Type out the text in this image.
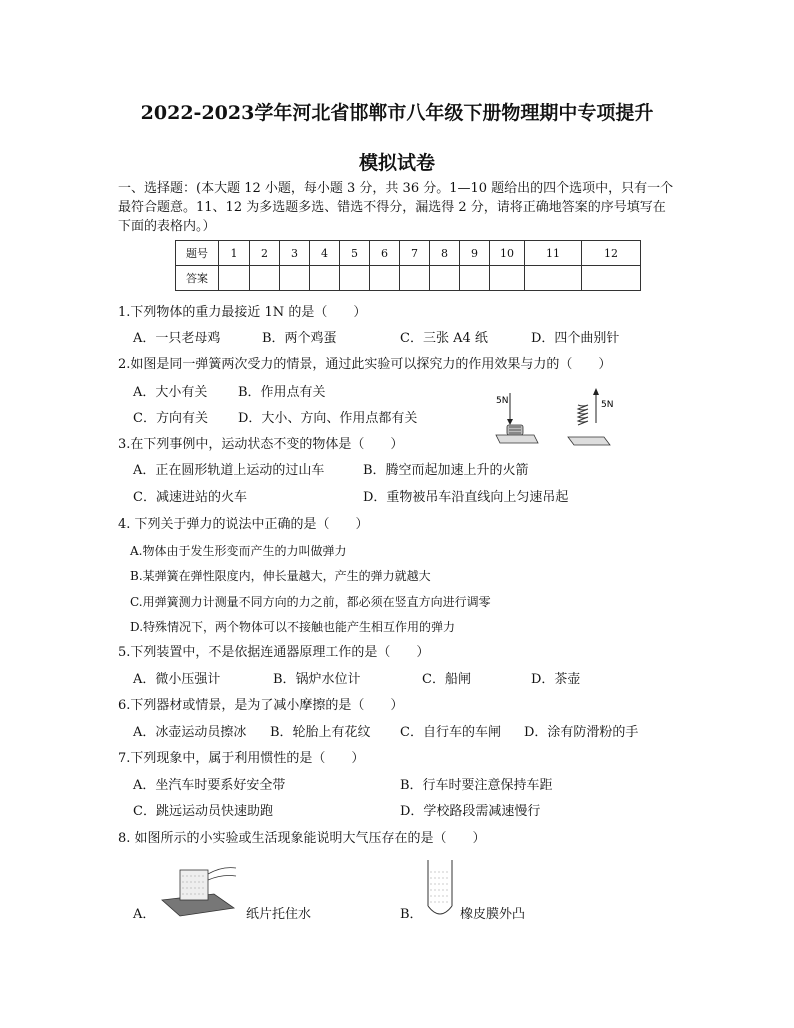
2022-2023学年河北省邯郸市八年级下册物理期中专项提升
模拟试卷
一、选择题：(本大题 12 小题，每小题 3 分，共 36 分。1—10 题给出的四个选项中，只有一个
最符合题意。11、12 为多选题多选、错选不得分，漏选得 2 分，请将正确地答案的序号填写在
下面的表格内。）
题号	1	2	3	4	5	6	7	8	9	10	11	12
答案												
1.下列物体的重力最接近 1N 的是（　　）
A．一只老母鸡	B．两个鸡蛋	C．三张 A4 纸	D．四个曲别针
2.如图是同一弹簧两次受力的情景，通过此实验可以探究力的作用效果与力的（　　）
A．大小有关 B．作用点有关
C．方向有关 D．大小、方向、作用点都有关
5N	5N
3.在下列事例中，运动状态不变的物体是（　　）
A．正在圆形轨道上运动的过山车	B．腾空而起加速上升的火箭
C．减速进站的火车	D．重物被吊车沿直线向上匀速吊起
4. 下列关于弹力的说法中正确的是（　　）
A.物体由于发生形变而产生的力叫做弹力
B.某弹簧在弹性限度内，伸长量越大，产生的弹力就越大
C.用弹簧测力计测量不同方向的力之前，都必须在竖直方向进行调零
D.特殊情况下，两个物体可以不接触也能产生相互作用的弹力
5.下列装置中，不是依据连通器原理工作的是（　　）
A．微小压强计	B．锅炉水位计	C．船闸	D．茶壶
6.下列器材或情景，是为了减小摩擦的是（　　）
A．冰壶运动员擦冰 B．轮胎上有花纹 C．自行车的车闸 D．涂有防滑粉的手
7.下列现象中，属于利用惯性的是（　　）
A．坐汽车时要系好安全带	B．行车时要注意保持车距
C．跳远运动员快速助跑	D．学校路段需减速慢行
8. 如图所示的小实验或生活现象能说明大气压存在的是（　　）
A．	纸片托住水	B．	橡皮膜外凸
